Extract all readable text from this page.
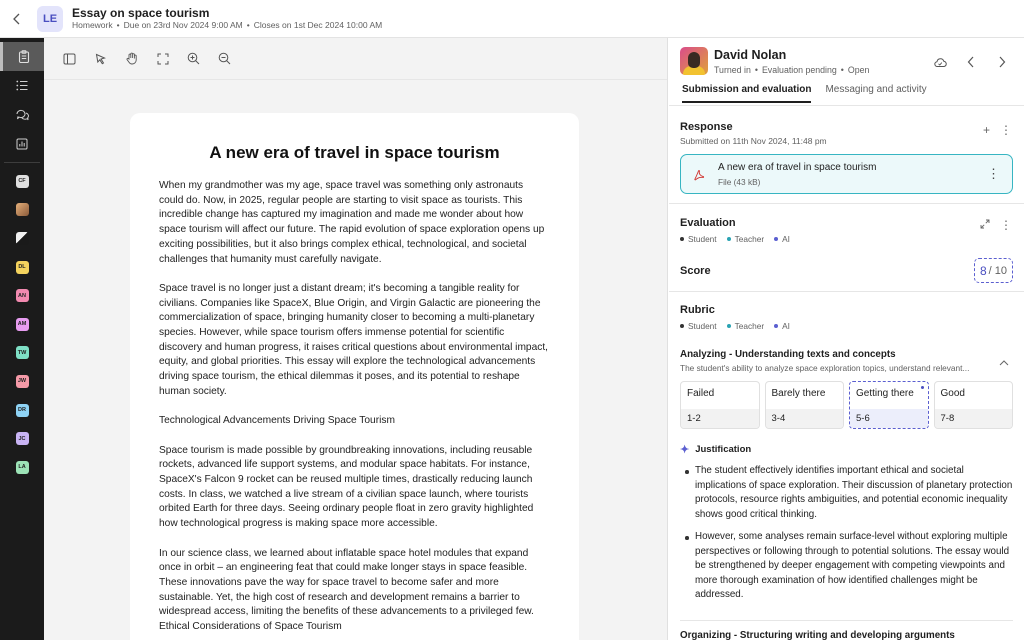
LE	Essay on space tourism
Homework • Due on 23rd Nov 2024 9:00 AM • Closes on 1st Dec 2024 10:00 AM
CF
DL
AN
AM
TW
JW
DR
JC
LA
A new era of travel in space tourism

When my grandmother was my age, space travel was something only astronauts could do. Now, in 2025, regular people are starting to visit space as tourists. This incredible change has captured my imagination and made me wonder about how space tourism will affect our future. The rapid evolution of space exploration opens up exciting possibilities, but it also brings complex ethical, technological, and societal challenges that humanity must carefully navigate.

Space travel is no longer just a distant dream; it's becoming a tangible reality for civilians. Companies like SpaceX, Blue Origin, and Virgin Galactic are pioneering the commercialization of space, bringing humanity closer to becoming a multi-planetary species. However, while space tourism offers immense potential for scientific discovery and human progress, it raises critical questions about environmental impact, equity, and global priorities. This essay will explore the technological advancements driving space tourism, the ethical dilemmas it poses, and its potential to reshape human society.

Technological Advancements Driving Space Tourism

Space tourism is made possible by groundbreaking innovations, including reusable rockets, advanced life support systems, and modular space habitats. For instance, SpaceX's Falcon 9 rocket can be reused multiple times, drastically reducing launch costs. In class, we watched a live stream of a civilian space launch, where tourists orbited Earth for three days. Seeing ordinary people float in zero gravity highlighted how technological progress is making space more accessible.

In our science class, we learned about inflatable space hotel modules that expand once in orbit – an engineering feat that could make longer stays in space feasible. These innovations pave the way for space travel to become safer and more sustainable. Yet, the high cost of research and development remains a barrier to widespread access, limiting the benefits of these advancements to a privileged few.

Ethical Considerations of Space Tourism

David Nolan
Turned in • Evaluation pending • Open
Submission and evaluation Messaging and activity
+ ⋮
Response
Submitted on 11th Nov 2024, 11:48 pm
A new era of travel in space tourism
File (43 kB)
⋮
⋮
Evaluation
Student	Teacher	AI
Score	8 / 10
Rubric
Student	Teacher	AI
Analyzing - Understanding texts and concepts
The student's ability to analyze space exploration topics, understand relevant...
Failed
1-2
Barely there
3-4
Getting there
5-6
Good
7-8
✦ Justification
The student effectively identifies important ethical and societal implications of space exploration. Their discussion of planetary protection protocols, resource rights ambiguities, and potential economic inequality shows good critical thinking.
However, some analyses remain surface-level without exploring multiple perspectives or following through to potential solutions. The essay would be strengthened by deeper engagement with competing viewpoints and more thorough examination of how identified challenges might be addressed.
Organizing - Structuring writing and developing arguments
